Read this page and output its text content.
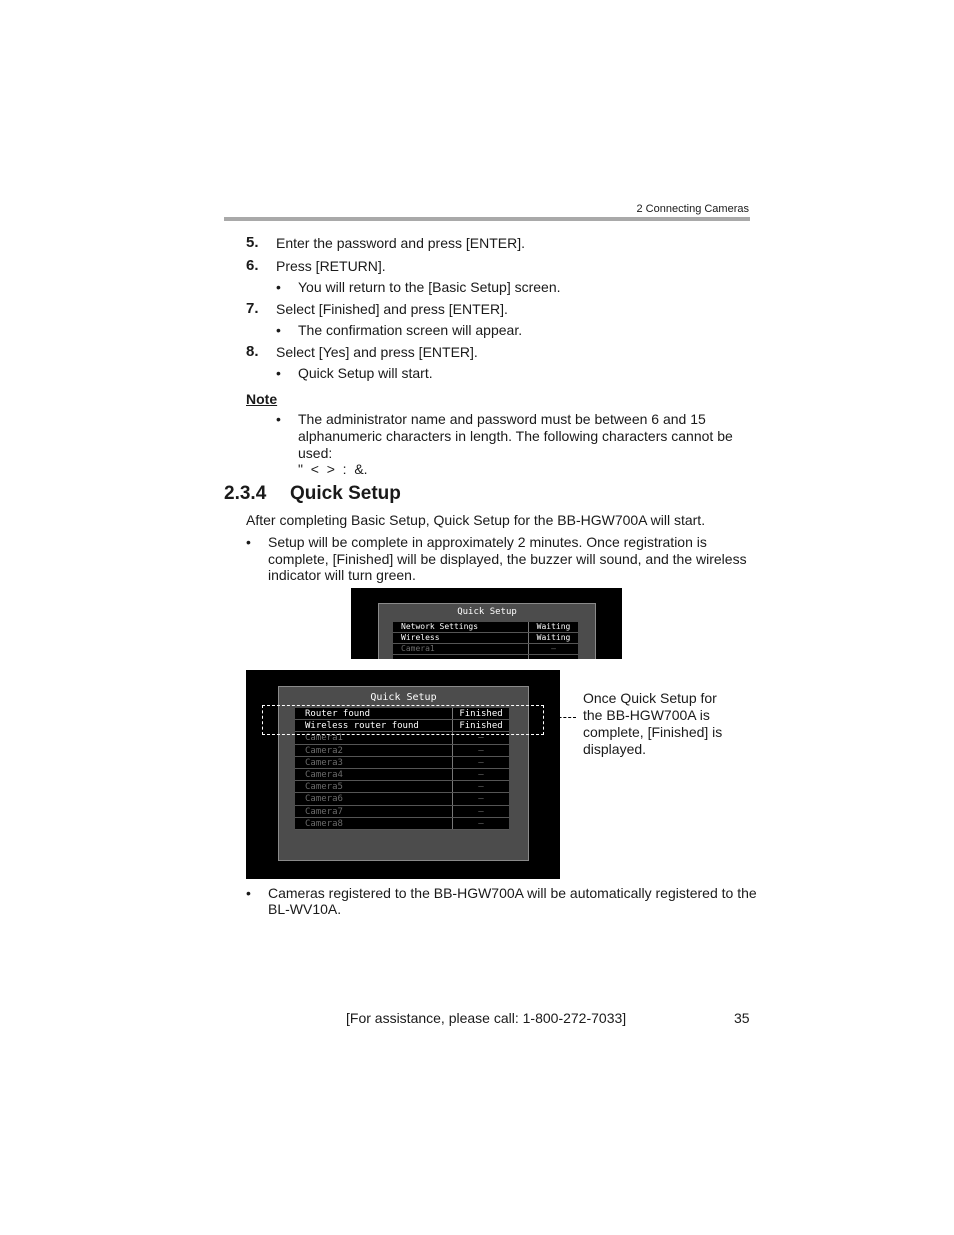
2 Connecting Cameras
5. Enter the password and press [ENTER].
6. Press [RETURN].
• You will return to the [Basic Setup] screen.
7. Select [Finished] and press [ENTER].
• The confirmation screen will appear.
8. Select [Yes] and press [ENTER].
• Quick Setup will start.
Note
• The administrator name and password must be between 6 and 15
alphanumeric characters in length. The following characters cannot be
used:
"  <  >  :  &.
2.3.4 Quick Setup
After completing Basic Setup, Quick Setup for the BB-HGW700A will start.
• Setup will be complete in approximately 2 minutes. Once registration is
complete, [Finished] will be displayed, the buzzer will sound, and the wireless
indicator will turn green.
Quick Setup
Network Settings	Waiting
Wireless	Waiting
Camera1	–
Quick Setup
Router found	Finished
Wireless router found	Finished
Camera1	–
Camera2	–
Camera3	–
Camera4	–
Camera5	–
Camera6	–
Camera7	–
Camera8	–
Once Quick Setup for
the BB-HGW700A is
complete, [Finished] is
displayed.
• Cameras registered to the BB-HGW700A will be automatically registered to the
BL-WV10A.
[For assistance, please call: 1-800-272-7033]	35
